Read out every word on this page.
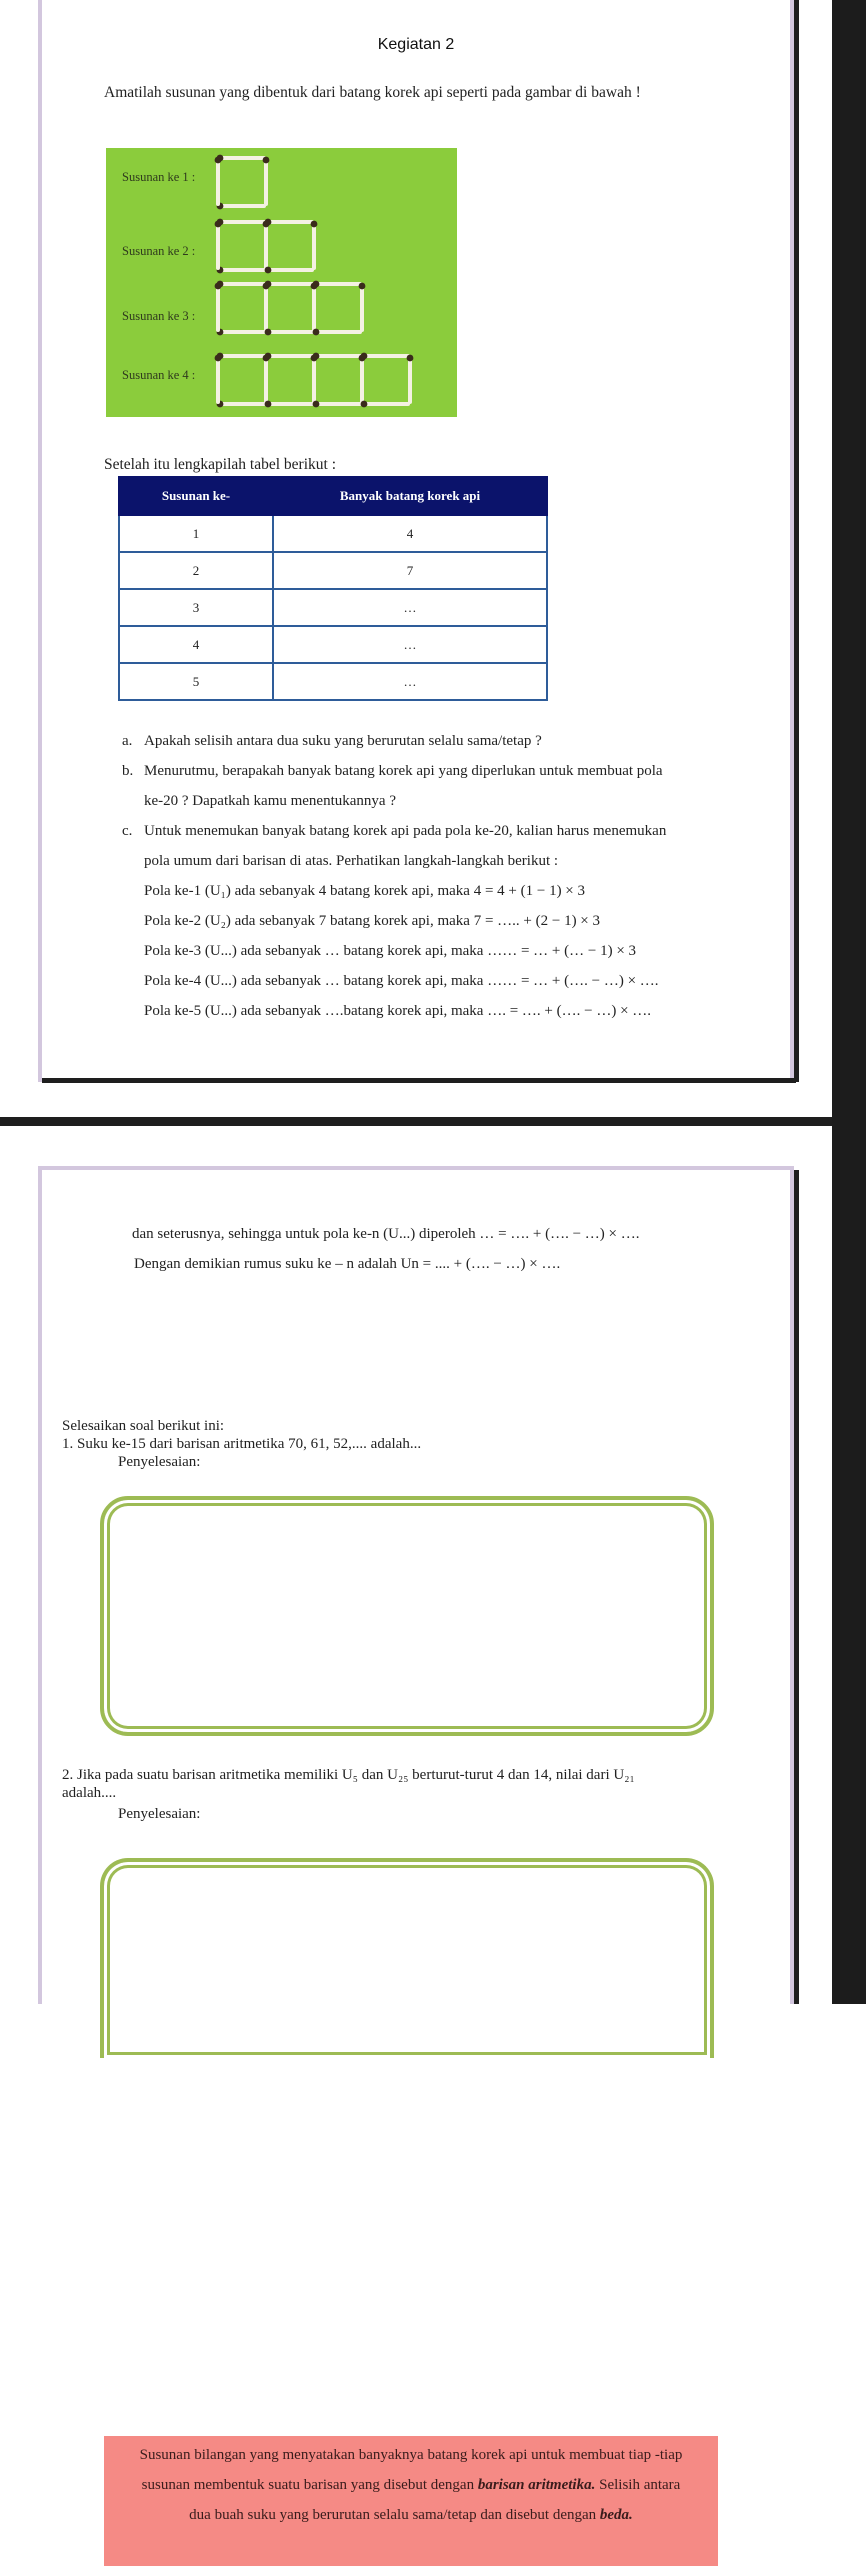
Kegiatan 2
Amatilah susunan yang dibentuk dari batang korek api seperti pada gambar di bawah !
Susunan ke 1 :
Susunan ke 2 :
Susunan ke 3 :
Susunan ke 4 :
Setelah itu lengkapilah tabel berikut :
Susunan ke-	Banyak batang korek api
1	4
2	7
3	…
4	…
5	…
a. Apakah selisih antara dua suku yang berurutan selalu sama/tetap ?
b. Menurutmu, berapakah banyak batang korek api yang diperlukan untuk membuat pola
ke-20 ? Dapatkah kamu menentukannya ?
c. Untuk menemukan banyak batang korek api pada pola ke-20, kalian harus menemukan
pola umum dari barisan di atas. Perhatikan langkah-langkah berikut :
Pola ke-1 (U₁) ada sebanyak 4 batang korek api, maka 4 = 4 + (1 − 1) × 3
Pola ke-2 (U₂) ada sebanyak 7 batang korek api, maka 7 = ….. + (2 − 1) × 3
Pola ke-3 (U...) ada sebanyak … batang korek api, maka …… = … + (… − 1) × 3
Pola ke-4 (U...) ada sebanyak … batang korek api, maka …… = … + (…. − …) × ….
Pola ke-5 (U...) ada sebanyak ….batang korek api, maka …. = …. + (…. − …) × ….
dan seterusnya, sehingga untuk pola ke-n (U...) diperoleh … = …. + (…. − …) × ….
Dengan demikian rumus suku ke – n adalah Un = .... + (…. − …) × ….
Susunan bilangan yang menyatakan banyaknya batang korek api untuk membuat tiap -tiap
susunan membentuk suatu barisan yang disebut dengan barisan aritmetika. Selisih antara
dua buah suku yang berurutan selalu sama/tetap dan disebut dengan beda.
Selesaikan soal berikut ini:
1. Suku ke-15 dari barisan aritmetika 70, 61, 52,.... adalah...
Penyelesaian:
2. Jika pada suatu barisan aritmetika memiliki U₅ dan U₂₅ berturut-turut 4 dan 14, nilai dari U₂₁
adalah....
Penyelesaian:
